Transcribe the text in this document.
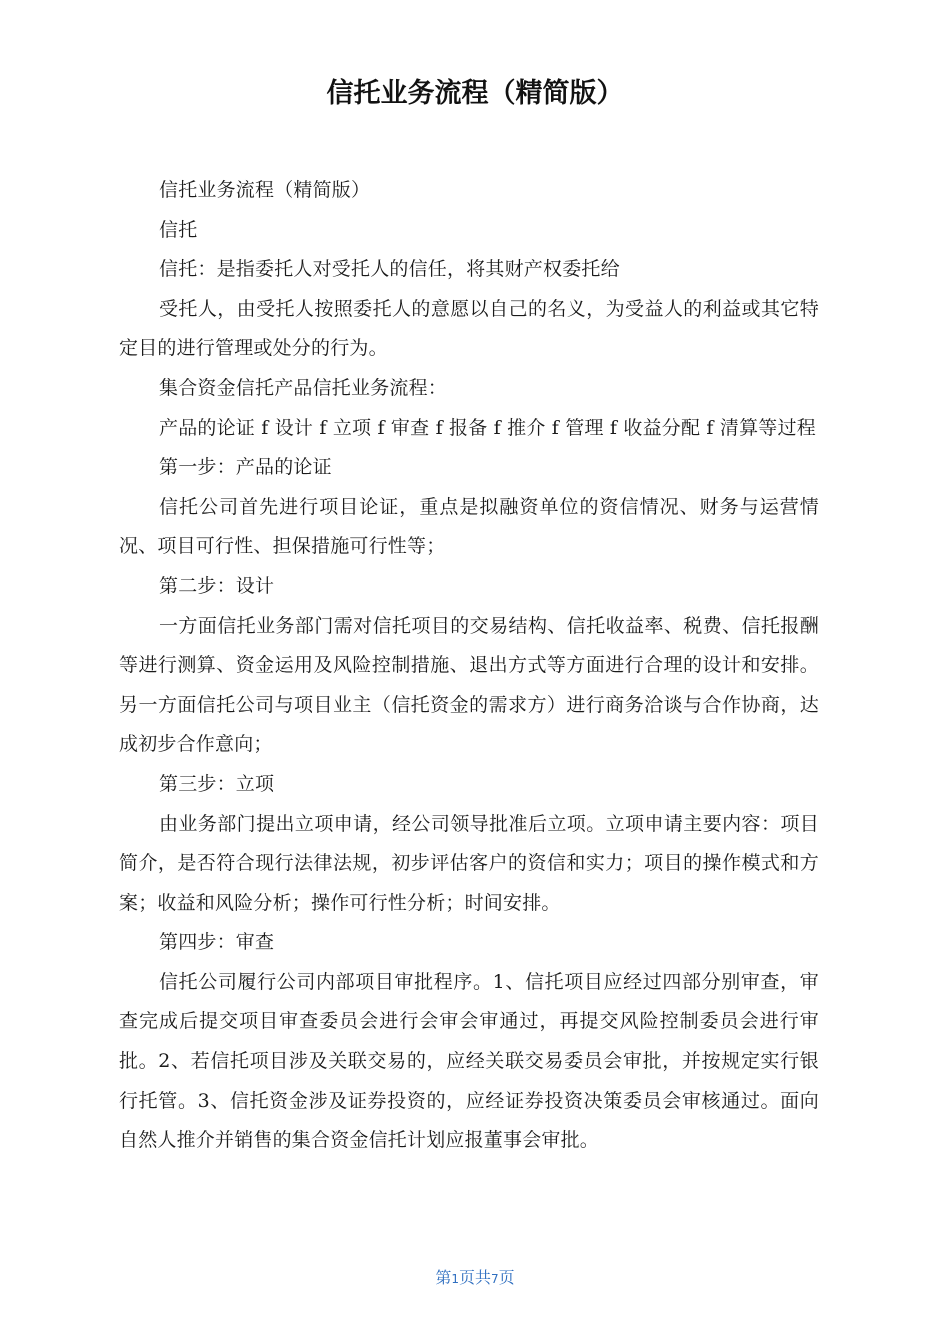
信托业务流程（精简版）

信托业务流程（精简版）

信托

信托：是指委托人对受托人的信任，将其财产权委托给

受托人，由受托人按照委托人的意愿以自己的名义，为受益人的利益或其它特定目的进行管理或处分的行为。

集合资金信托产品信托业务流程：

产品的论证 f 设计 f 立项 f 审查 f 报备 f 推介 f 管理 f 收益分配 f 清算等过程

第一步：产品的论证

信托公司首先进行项目论证，重点是拟融资单位的资信情况、财务与运营情况、项目可行性、担保措施可行性等；

第二步：设计

一方面信托业务部门需对信托项目的交易结构、信托收益率、税费、信托报酬等进行测算、资金运用及风险控制措施、退出方式等方面进行合理的设计和安排。另一方面信托公司与项目业主（信托资金的需求方）进行商务洽谈与合作协商，达成初步合作意向；

第三步：立项

由业务部门提出立项申请，经公司领导批准后立项。立项申请主要内容：项目简介，是否符合现行法律法规，初步评估客户的资信和实力；项目的操作模式和方案；收益和风险分析；操作可行性分析；时间安排。

第四步：审查

信托公司履行公司内部项目审批程序。1、信托项目应经过四部分别审查，审查完成后提交项目审查委员会进行会审会审通过，再提交风险控制委员会进行审批。2、若信托项目涉及关联交易的，应经关联交易委员会审批，并按规定实行银行托管。3、信托资金涉及证券投资的，应经证券投资决策委员会审核通过。面向自然人推介并销售的集合资金信托计划应报董事会审批。

第1页共7页
